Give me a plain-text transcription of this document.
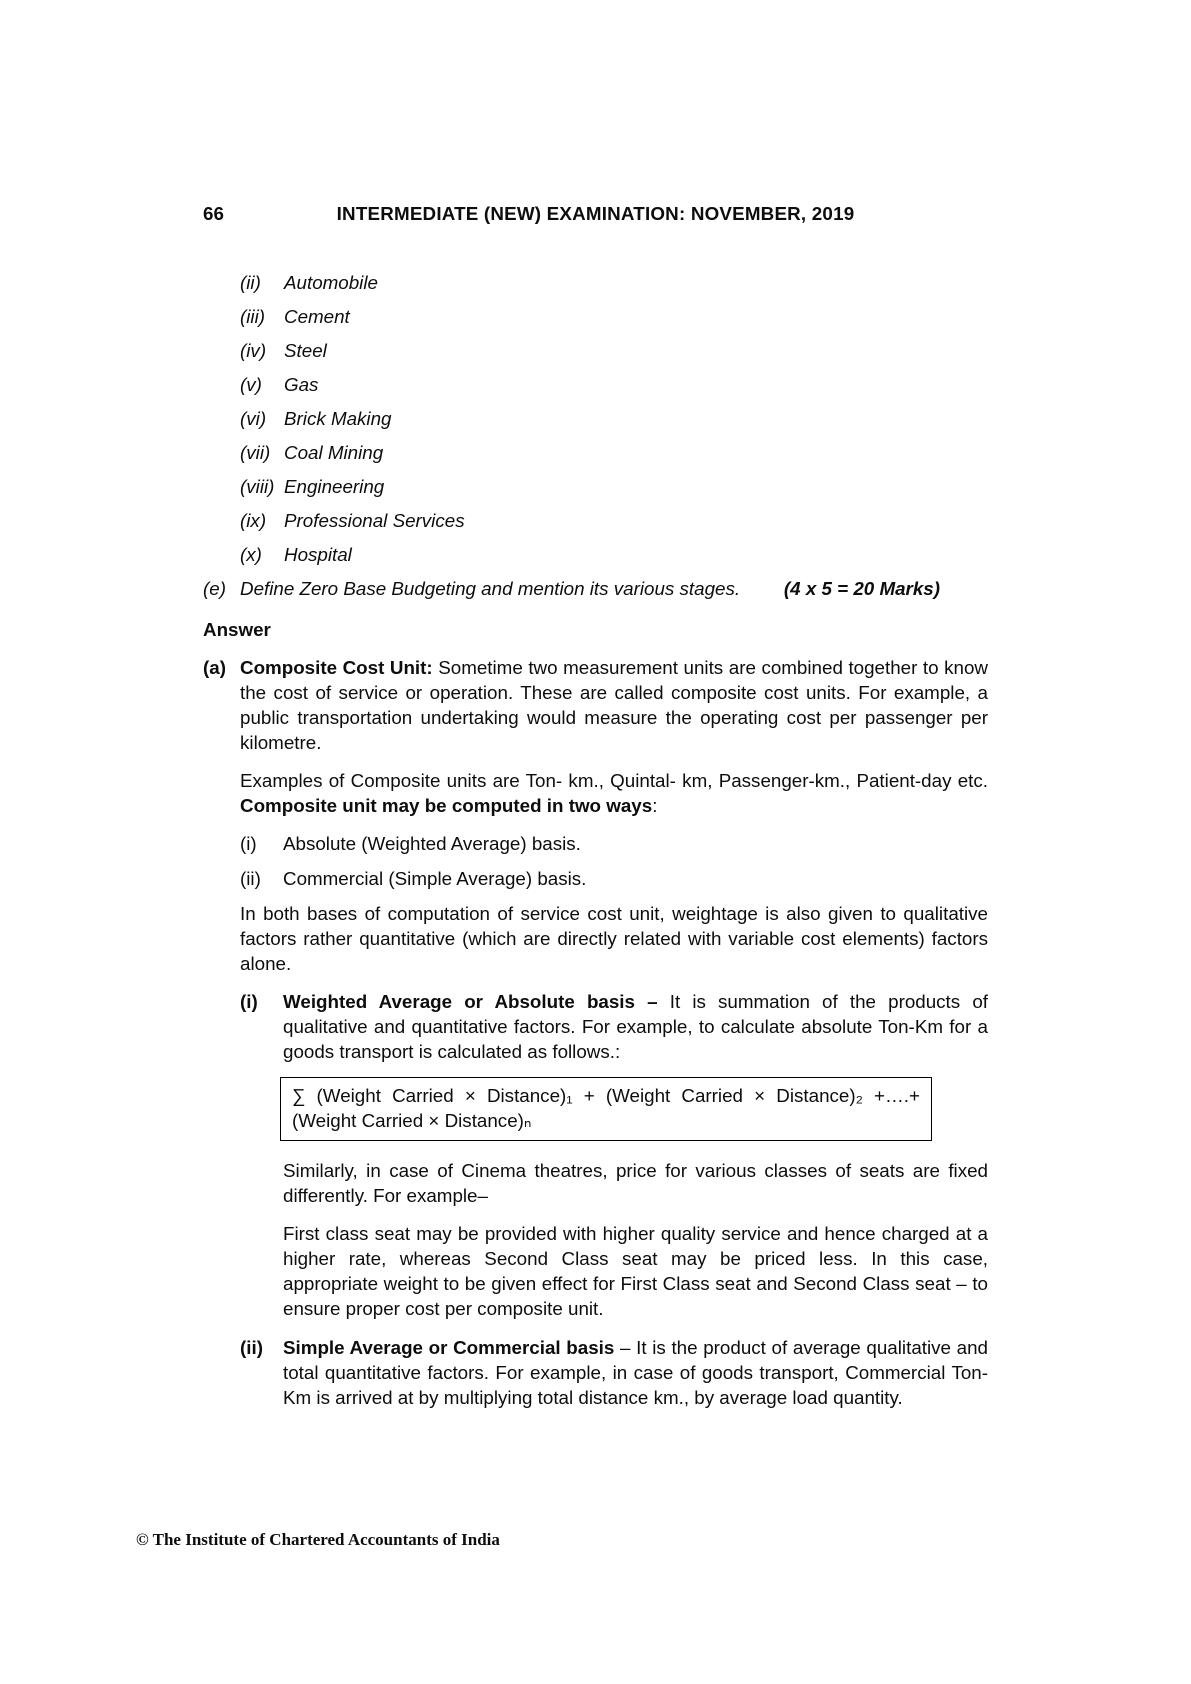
66	INTERMEDIATE (NEW) EXAMINATION: NOVEMBER, 2019
(ii)	Automobile
(iii)	Cement
(iv) Steel
(v)	Gas
(vi) Brick Making
(vii) Coal Mining
(viii) Engineering
(ix) Professional Services
(x)	Hospital
(e) Define Zero Base Budgeting and mention its various stages.	(4 x 5 = 20 Marks)
Answer
(a) Composite Cost Unit: Sometime two measurement units are combined together to know the cost of service or operation. These are called composite cost units. For example, a public transportation undertaking would measure the operating cost per passenger per kilometre.

Examples of Composite units are Ton- km., Quintal- km, Passenger-km., Patient-day etc. Composite unit may be computed in two ways:

(i)	Absolute (Weighted Average) basis.
(ii)	Commercial (Simple Average) basis.

In both bases of computation of service cost unit, weightage is also given to qualitative factors rather quantitative (which are directly related with variable cost elements) factors alone.

(i)	Weighted Average or Absolute basis – It is summation of the products of qualitative and quantitative factors. For example, to calculate absolute Ton-Km for a goods transport is calculated as follows.:

∑ (Weight Carried × Distance)₁ + (Weight Carried × Distance)₂ +….+ (Weight Carried × Distance)ₙ

Similarly, in case of Cinema theatres, price for various classes of seats are fixed differently. For example–

First class seat may be provided with higher quality service and hence charged at a higher rate, whereas Second Class seat may be priced less. In this case, appropriate weight to be given effect for First Class seat and Second Class seat – to ensure proper cost per composite unit.

(ii)	Simple Average or Commercial basis – It is the product of average qualitative and total quantitative factors. For example, in case of goods transport, Commercial Ton-Km is arrived at by multiplying total distance km., by average load quantity.

© The Institute of Chartered Accountants of India
